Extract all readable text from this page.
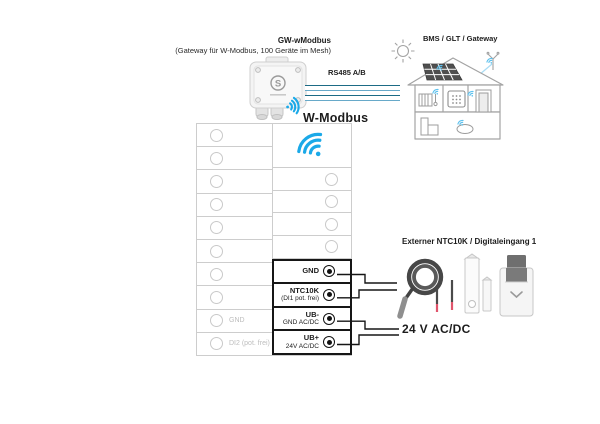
GW-wModbus
(Gateway für W-Modbus, 100 Geräte im Mesh)
S
RS485 A/B
BMS / GLT / Gateway
W-Modbus
GND
DI2 (pot. frei)
GND
NTC10K
(DI1 pot. frei)
UB-
GND AC/DC
UB+
24V AC/DC
Externer NTC10K / Digitaleingang 1
24 V AC/DC
